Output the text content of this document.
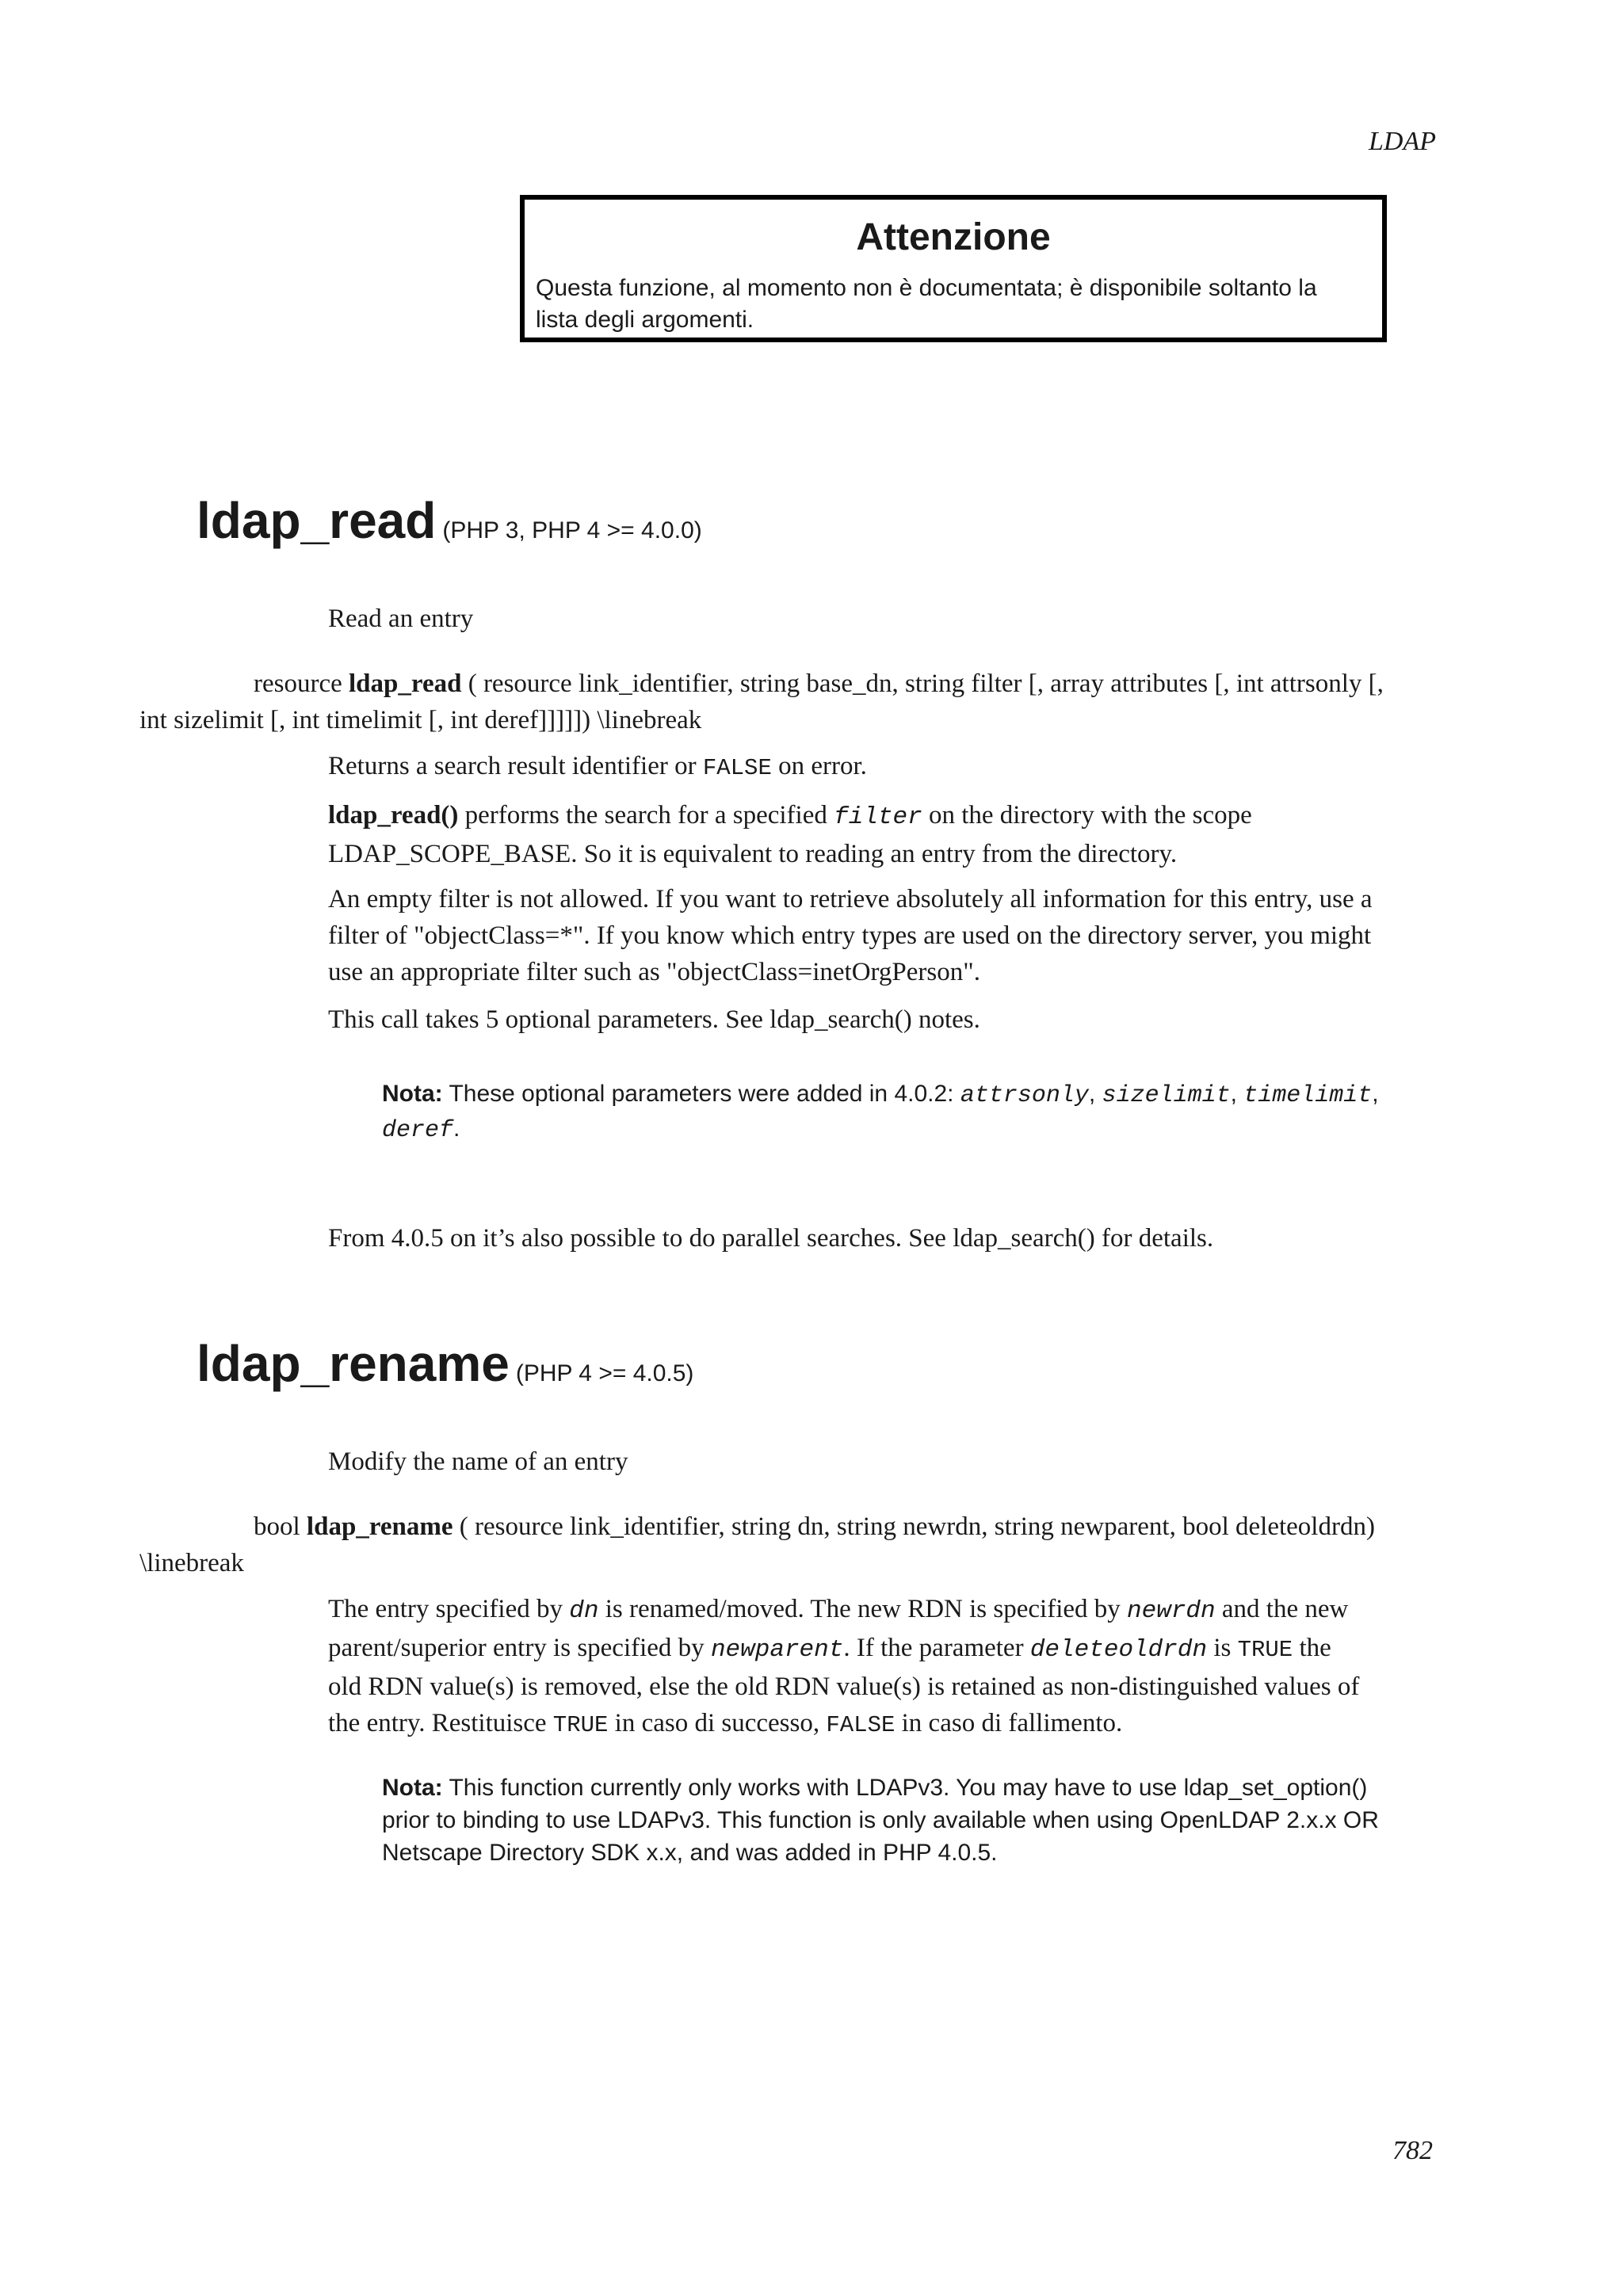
LDAP
Attenzione
Questa funzione, al momento non è documentata; è disponibile soltanto la
lista degli argomenti.
ldap_read (PHP 3, PHP 4 >= 4.0.0)
Read an entry
resource ldap_read ( resource link_identifier, string base_dn, string filter [, array attributes [, int attrsonly [,
int sizelimit [, int timelimit [, int deref]]]]]) \linebreak
Returns a search result identifier or FALSE on error.
ldap_read() performs the search for a specified filter on the directory with the scope
LDAP_SCOPE_BASE. So it is equivalent to reading an entry from the directory.
An empty filter is not allowed. If you want to retrieve absolutely all information for this entry, use a
filter of "objectClass=*". If you know which entry types are used on the directory server, you might
use an appropriate filter such as "objectClass=inetOrgPerson".
This call takes 5 optional parameters. See ldap_search() notes.
Nota: These optional parameters were added in 4.0.2: attrsonly, sizelimit, timelimit,
deref.
From 4.0.5 on it’s also possible to do parallel searches. See ldap_search() for details.
ldap_rename (PHP 4 >= 4.0.5)
Modify the name of an entry
bool ldap_rename ( resource link_identifier, string dn, string newrdn, string newparent, bool deleteoldrdn)
\linebreak
The entry specified by dn is renamed/moved. The new RDN is specified by newrdn and the new
parent/superior entry is specified by newparent. If the parameter deleteoldrdn is TRUE the
old RDN value(s) is removed, else the old RDN value(s) is retained as non-distinguished values of
the entry. Restituisce TRUE in caso di successo, FALSE in caso di fallimento.
Nota: This function currently only works with LDAPv3. You may have to use ldap_set_option()
prior to binding to use LDAPv3. This function is only available when using OpenLDAP 2.x.x OR
Netscape Directory SDK x.x, and was added in PHP 4.0.5.
782
